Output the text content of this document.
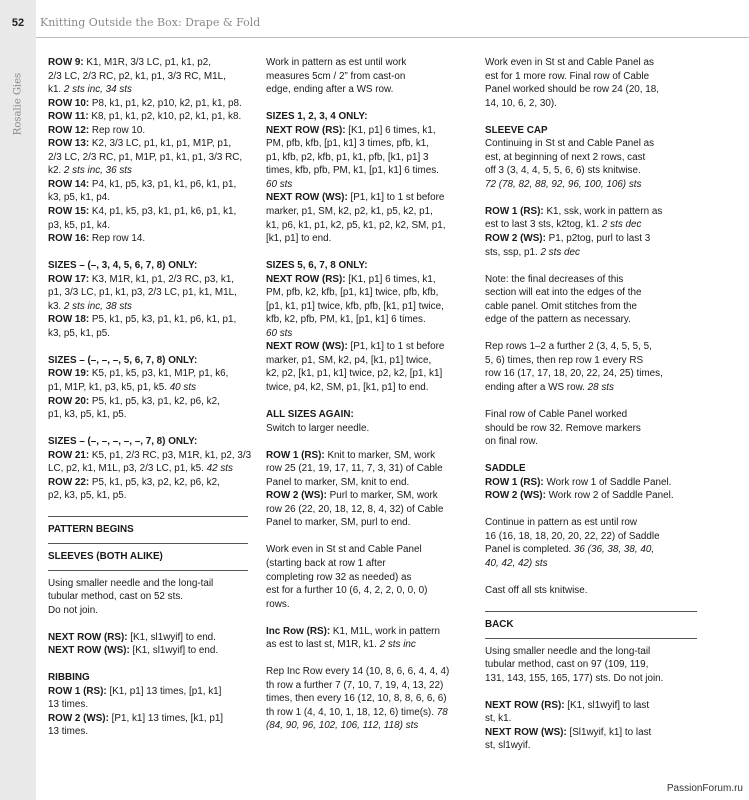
52
Rosalie Gies
Knitting Outside the Box: Drape & Fold
ROW 9: K1, M1R, 3/3 LC, p1, k1, p2,
2/3 LC, 2/3 RC, p2, k1, p1, 3/3 RC, M1L,
k1. 2 sts inc, 34 sts
ROW 10: P8, k1, p1, k2, p10, k2, p1, k1, p8.
ROW 11: K8, p1, k1, p2, k10, p2, k1, p1, k8.
ROW 12: Rep row 10.
ROW 13: K2, 3/3 LC, p1, k1, p1, M1P, p1,
2/3 LC, 2/3 RC, p1, M1P, p1, k1, p1, 3/3 RC,
k2. 2 sts inc, 36 sts
ROW 14: P4, k1, p5, k3, p1, k1, p6, k1, p1,
k3, p5, k1, p4.
ROW 15: K4, p1, k5, p3, k1, p1, k6, p1, k1,
p3, k5, p1, k4.
ROW 16: Rep row 14.
SIZES – (–, 3, 4, 5, 6, 7, 8) ONLY:
ROW 17: K3, M1R, k1, p1, 2/3 RC, p3, k1,
p1, 3/3 LC, p1, k1, p3, 2/3 LC, p1, k1, M1L,
k3. 2 sts inc, 38 sts
ROW 18: P5, k1, p5, k3, p1, k1, p6, k1, p1,
k3, p5, k1, p5.
SIZES – (–, –, –, 5, 6, 7, 8) ONLY:
ROW 19: K5, p1, k5, p3, k1, M1P, p1, k6,
p1, M1P, k1, p3, k5, p1, k5. 40 sts
ROW 20: P5, k1, p5, k3, p1, k2, p6, k2,
p1, k3, p5, k1, p5.
SIZES – (–, –, –, –, –, 7, 8) ONLY:
ROW 21: K5, p1, 2/3 RC, p3, M1R, k1, p2, 3/3
LC, p2, k1, M1L, p3, 2/3 LC, p1, k5. 42 sts
ROW 22: P5, k1, p5, k3, p2, k2, p6, k2,
p2, k3, p5, k1, p5.
PATTERN BEGINS
SLEEVES (BOTH ALIKE)
Using smaller needle and the long-tail
tubular method, cast on 52 sts.
Do not join.
NEXT ROW (RS): [K1, sl1wyif] to end.
NEXT ROW (WS): [K1, sl1wyif] to end.
RIBBING
ROW 1 (RS): [K1, p1] 13 times, [p1, k1]
13 times.
ROW 2 (WS): [P1, k1] 13 times, [k1, p1]
13 times.
Work in pattern as est until work
measures 5cm / 2” from cast-on
edge, ending after a WS row.
SIZES 1, 2, 3, 4 ONLY:
NEXT ROW (RS): [K1, p1] 6 times, k1,
PM, pfb, kfb, [p1, k1] 3 times, pfb, k1,
p1, kfb, p2, kfb, p1, k1, pfb, [k1, p1] 3
times, kfb, pfb, PM, k1, [p1, k1] 6 times.
60 sts
NEXT ROW (WS): [P1, k1] to 1 st before
marker, p1, SM, k2, p2, k1, p5, k2, p1,
k1, p6, k1, p1, k2, p5, k1, p2, k2, SM, p1,
[k1, p1] to end.
SIZES 5, 6, 7, 8 ONLY:
NEXT ROW (RS): [K1, p1] 6 times, k1,
PM, pfb, k2, kfb, [p1, k1] twice, pfb, kfb,
[p1, k1, p1] twice, kfb, pfb, [k1, p1] twice,
kfb, k2, pfb, PM, k1, [p1, k1] 6 times.
60 sts
NEXT ROW (WS): [P1, k1] to 1 st before
marker, p1, SM, k2, p4, [k1, p1] twice,
k2, p2, [k1, p1, k1] twice, p2, k2, [p1, k1]
twice, p4, k2, SM, p1, [k1, p1] to end.
ALL SIZES AGAIN:
Switch to larger needle.
ROW 1 (RS): Knit to marker, SM, work
row 25 (21, 19, 17, 11, 7, 3, 31) of Cable
Panel to marker, SM, knit to end.
ROW 2 (WS): Purl to marker, SM, work
row 26 (22, 20, 18, 12, 8, 4, 32) of Cable
Panel to marker, SM, purl to end.
Work even in St st and Cable Panel
(starting back at row 1 after
completing row 32 as needed) as
est for a further 10 (6, 4, 2, 2, 0, 0, 0)
rows.
Inc Row (RS): K1, M1L, work in pattern
as est to last st, M1R, k1. 2 sts inc
Rep Inc Row every 14 (10, 8, 6, 6, 4, 4, 4)
th row a further 7 (7, 10, 7, 19, 4, 13, 22)
times, then every 16 (12, 10, 8, 8, 6, 6, 6)
th row 1 (4, 4, 10, 1, 18, 12, 6) time(s). 78
(84, 90, 96, 102, 106, 112, 118) sts
Work even in St st and Cable Panel as
est for 1 more row. Final row of Cable
Panel worked should be row 24 (20, 18,
14, 10, 6, 2, 30).
SLEEVE CAP
Continuing in St st and Cable Panel as
est, at beginning of next 2 rows, cast
off 3 (3, 4, 4, 5, 5, 6, 6) sts knitwise.
72 (78, 82, 88, 92, 96, 100, 106) sts
ROW 1 (RS): K1, ssk, work in pattern as
est to last 3 sts, k2tog, k1. 2 sts dec
ROW 2 (WS): P1, p2tog, purl to last 3
sts, ssp, p1. 2 sts dec
Note: the final decreases of this
section will eat into the edges of the
cable panel. Omit stitches from the
edge of the pattern as necessary.
Rep rows 1–2 a further 2 (3, 4, 5, 5, 5,
5, 6) times, then rep row 1 every RS
row 16 (17, 17, 18, 20, 22, 24, 25) times,
ending after a WS row. 28 sts
Final row of Cable Panel worked
should be row 32. Remove markers
on final row.
SADDLE
ROW 1 (RS): Work row 1 of Saddle Panel.
ROW 2 (WS): Work row 2 of Saddle Panel.
Continue in pattern as est until row
16 (16, 18, 18, 20, 20, 22, 22) of Saddle
Panel is completed. 36 (36, 38, 38, 40,
40, 42, 42) sts
Cast off all sts knitwise.
BACK
Using smaller needle and the long-tail
tubular method, cast on 97 (109, 119,
131, 143, 155, 165, 177) sts. Do not join.
NEXT ROW (RS): [K1, sl1wyif] to last
st, k1.
NEXT ROW (WS): [Sl1wyif, k1] to last
st, sl1wyif.
PassionForum.ru
